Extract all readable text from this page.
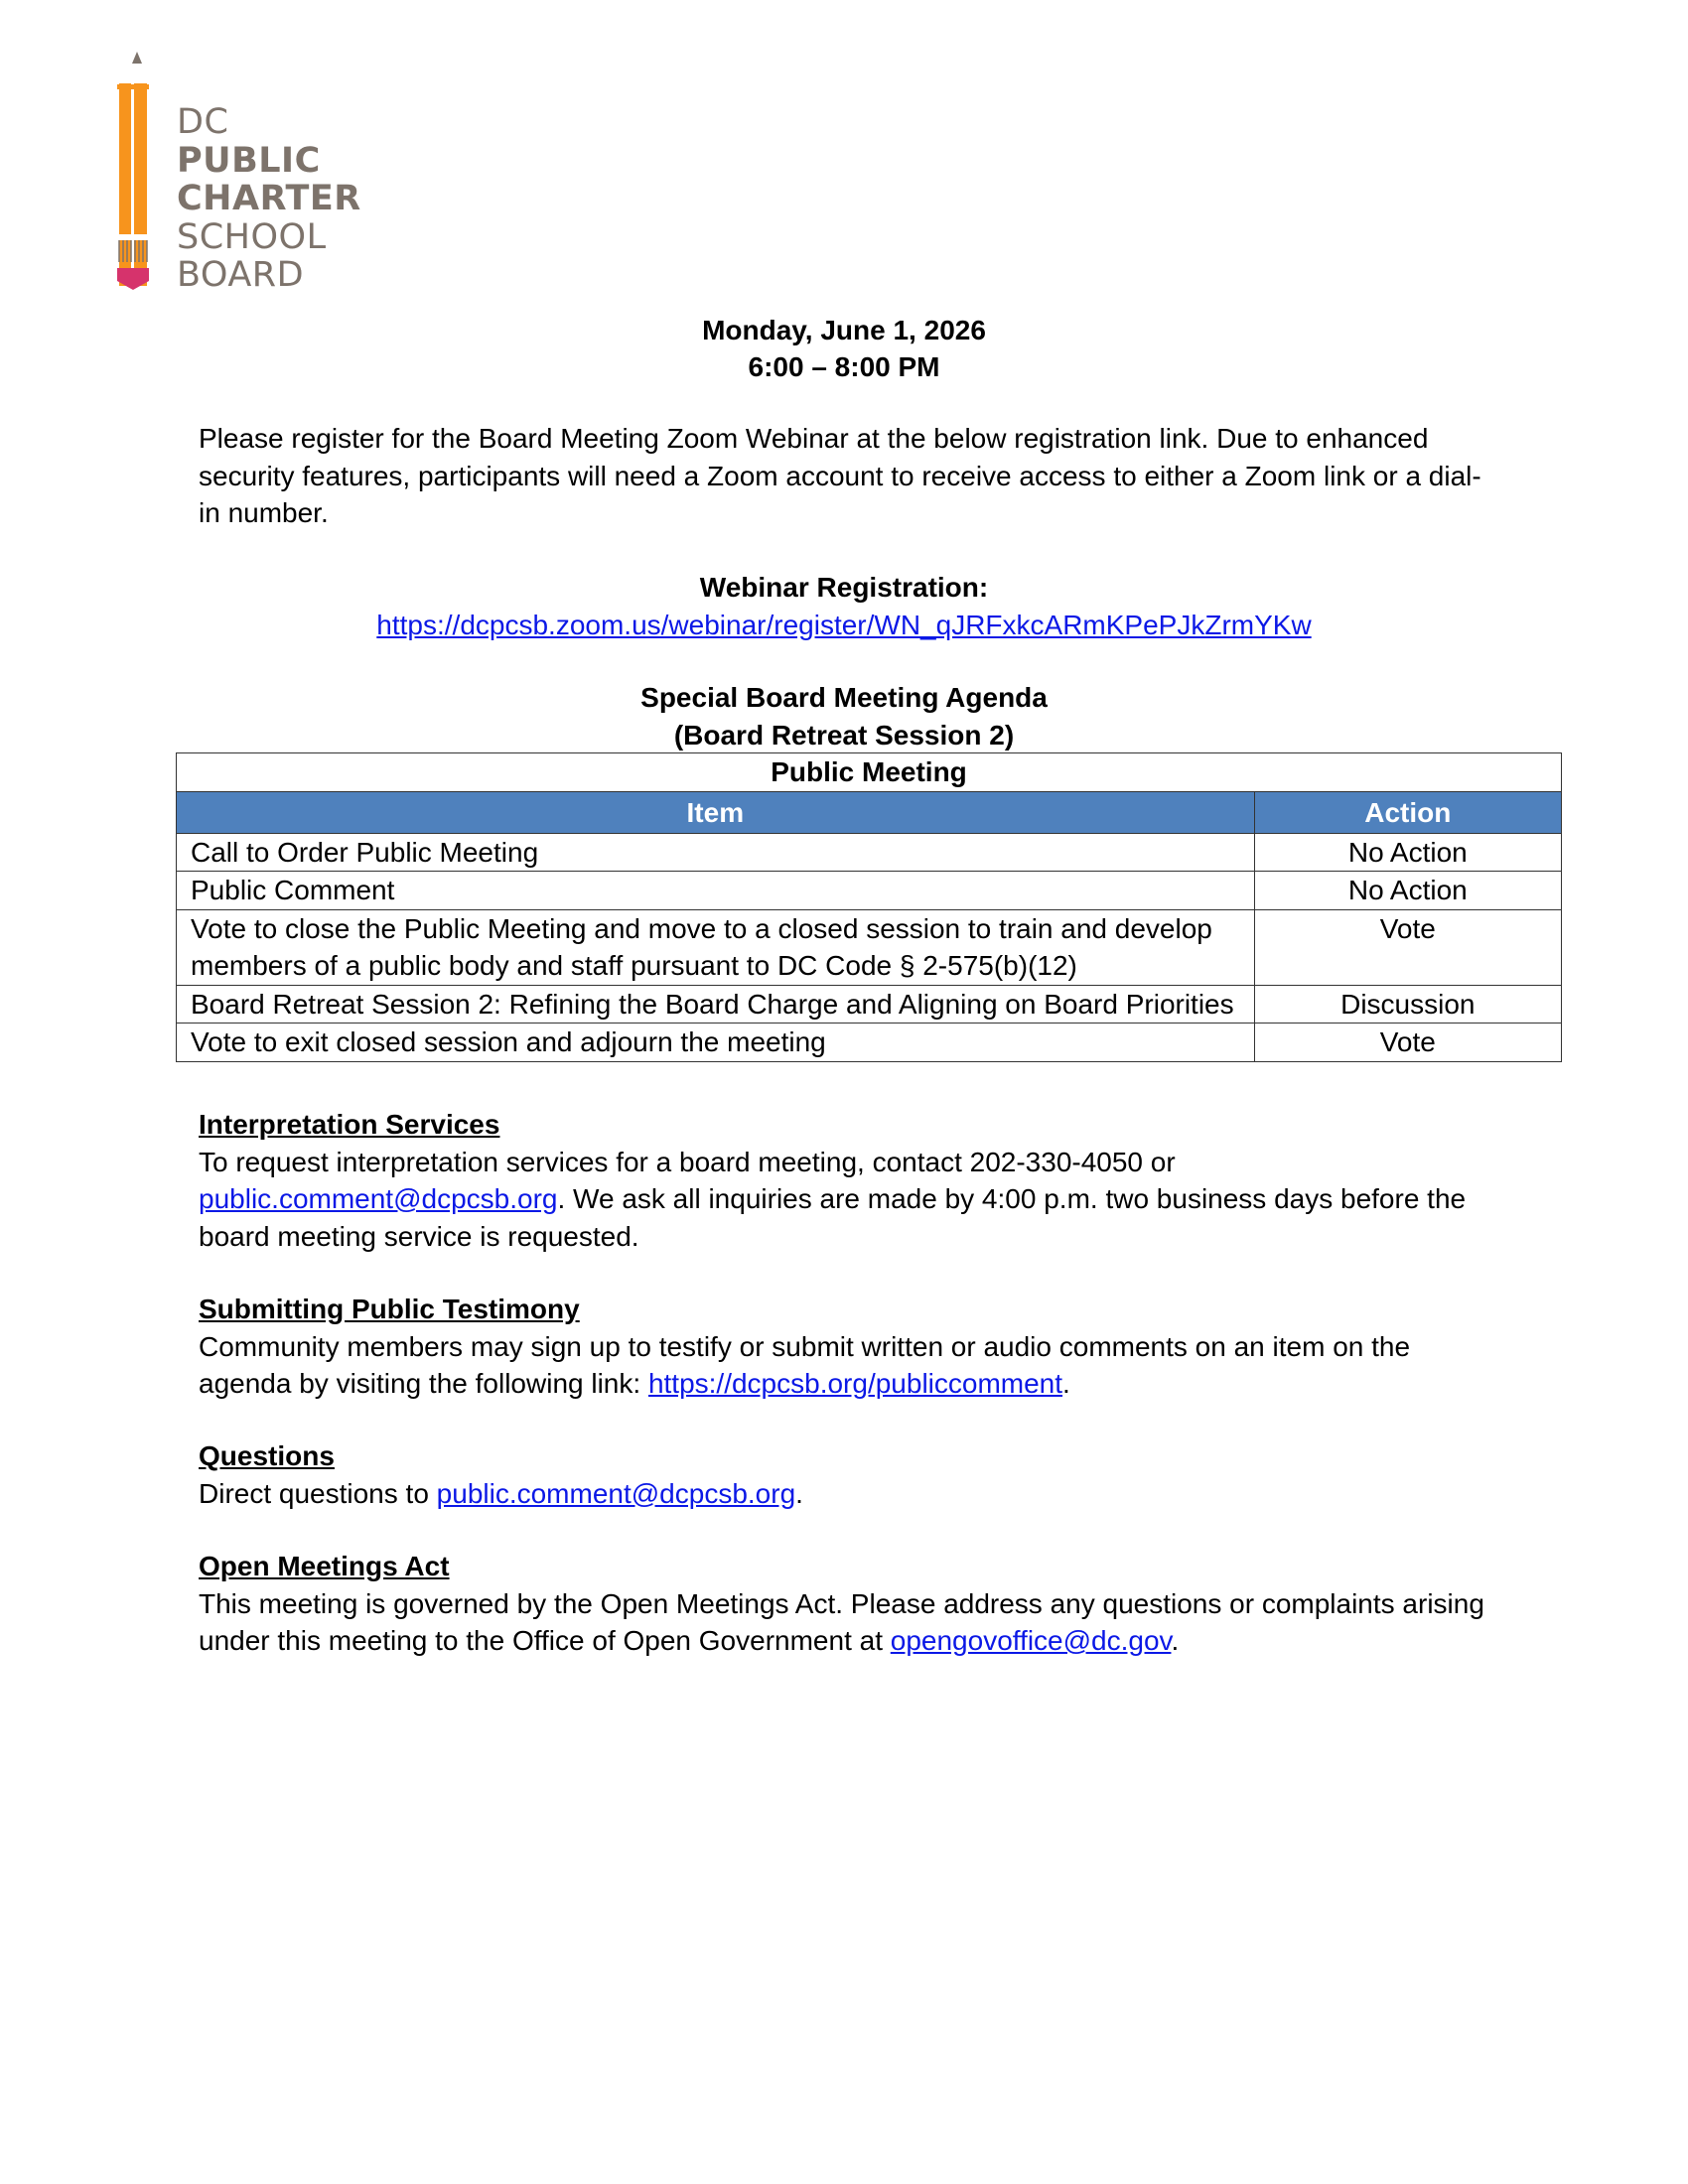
DC
PUBLIC
CHARTER
SCHOOL
BOARD
Monday, June 1, 2026
6:00 – 8:00 PM
Please register for the Board Meeting Zoom Webinar at the below registration link. Due to enhanced security features, participants will need a Zoom account to receive access to either a Zoom link or a dial-in number.
Webinar Registration:
https://dcpcsb.zoom.us/webinar/register/WN_qJRFxkcARmKPePJkZrmYKw
Special Board Meeting Agenda
(Board Retreat Session 2)
Public Meeting	
Item	Action
Call to Order Public Meeting	No Action
Public Comment	No Action
Vote to close the Public Meeting and move to a closed session to train and develop members of a public body and staff pursuant to DC Code § 2-575(b)(12)	Vote
Board Retreat Session 2: Refining the Board Charge and Aligning on Board Priorities	Discussion
Vote to exit closed session and adjourn the meeting	Vote
Interpretation Services
To request interpretation services for a board meeting, contact 202-330-4050 or public.comment@dcpcsb.org. We ask all inquiries are made by 4:00 p.m. two business days before the board meeting service is requested.
Submitting Public Testimony
Community members may sign up to testify or submit written or audio comments on an item on the agenda by visiting the following link: https://dcpcsb.org/publiccomment.
Questions
Direct questions to public.comment@dcpcsb.org.
Open Meetings Act
This meeting is governed by the Open Meetings Act. Please address any questions or complaints arising under this meeting to the Office of Open Government at opengovoffice@dc.gov.
